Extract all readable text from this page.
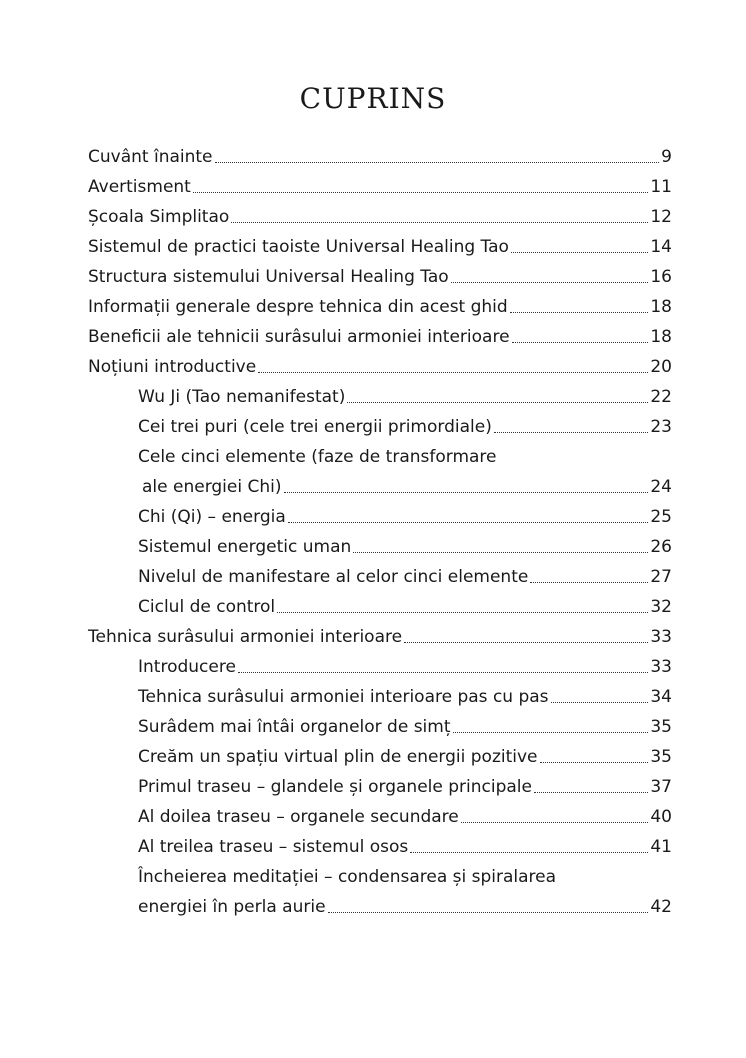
CUPRINS
Cuvânt înainte	9
Avertisment	11
Școala Simplitao	12
Sistemul de practici taoiste Universal Healing Tao	14
Structura sistemului Universal Healing Tao	16
Informații generale despre tehnica din acest ghid	18
Beneficii ale tehnicii surâsului armoniei interioare	18
Noțiuni introductive	20
Wu Ji (Tao nemanifestat)	22
Cei trei puri (cele trei energii primordiale)	23
Cele cinci elemente (faze de transformare
ale energiei Chi)	24
Chi (Qi) – energia	25
Sistemul energetic uman	26
Nivelul de manifestare al celor cinci elemente	27
Ciclul de control	32
Tehnica surâsului armoniei interioare	33
Introducere	33
Tehnica surâsului armoniei interioare pas cu pas	34
Surâdem mai întâi organelor de simț	35
Creăm un spațiu virtual plin de energii pozitive	35
Primul traseu – glandele și organele principale	37
Al doilea traseu – organele secundare	40
Al treilea traseu – sistemul osos	41
Încheierea meditației – condensarea și spiralarea
energiei în perla aurie	42
